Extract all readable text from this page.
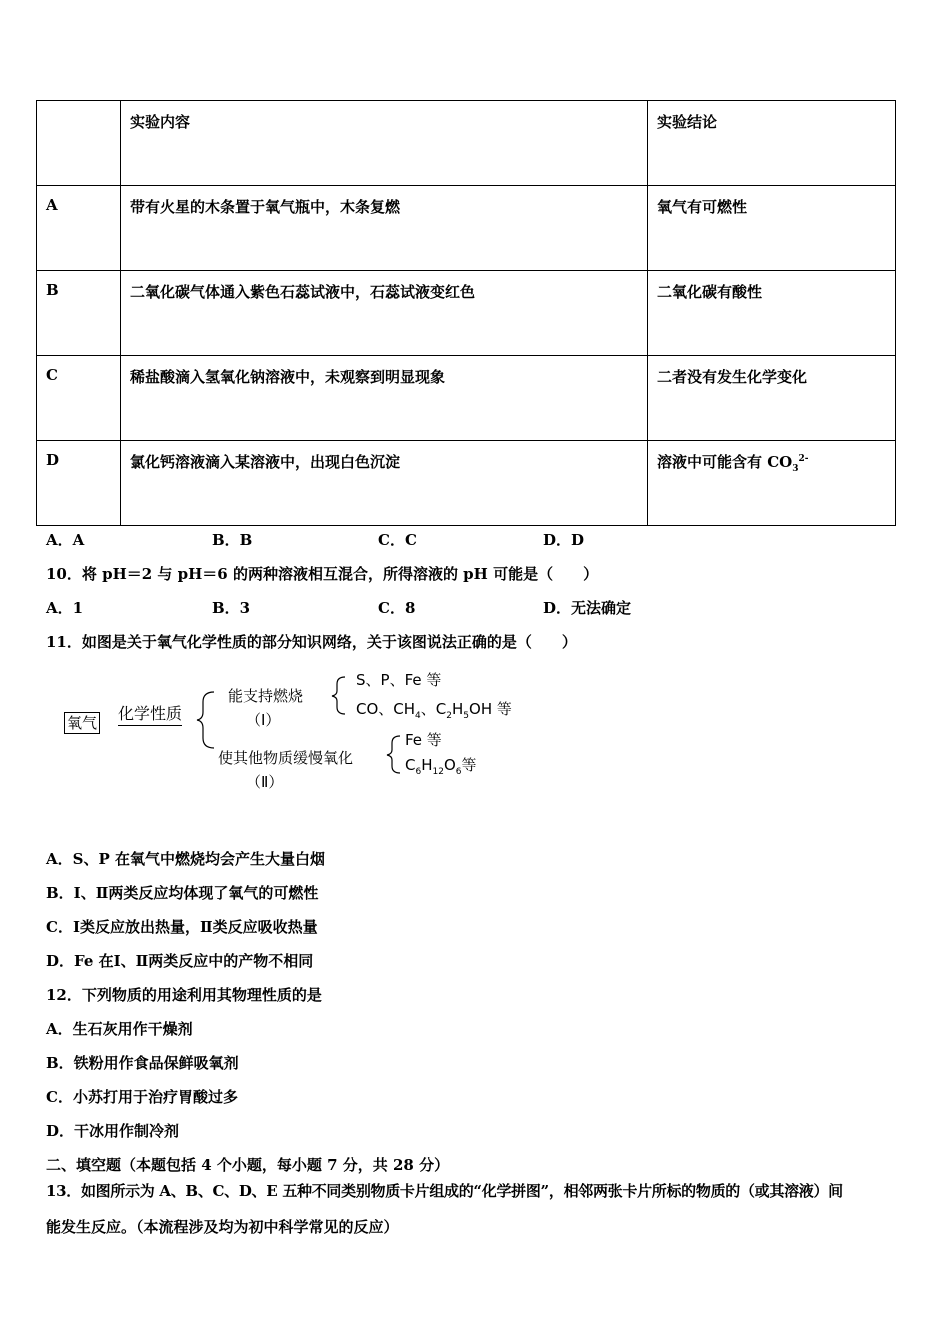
	实验内容	实验结论
A	带有火星的木条置于氧气瓶中，木条复燃	氧气有可燃性
B	二氧化碳气体通入紫色石蕊试液中，石蕊试液变红色	二氧化碳有酸性
C	稀盐酸滴入氢氧化钠溶液中，未观察到明显现象	二者没有发生化学变化
D	氯化钙溶液滴入某溶液中，出现白色沉淀	溶液中可能含有 $CO_3^{2-}$
A．A	B．B	C．C	D．D
10．将 pH＝2 与 pH＝6 的两种溶液相互混合，所得溶液的 pH 可能是（　　）
A．1	B．3	C．8	D．无法确定
11．如图是关于氧气化学性质的部分知识网络，关于该图说法正确的是（　　）
氧气 化学性质
能支持燃烧
（Ⅰ）
S、P、Fe 等
CO、$CH_4$、$C_2H_5OH$ 等
使其他物质缓慢氧化
（Ⅱ）
Fe 等
$C_6H_{12}O_6$等
A．S、P 在氧气中燃烧均会产生大量白烟
B．Ⅰ、Ⅱ两类反应均体现了氧气的可燃性
C．Ⅰ类反应放出热量，Ⅱ类反应吸收热量
D．Fe 在Ⅰ、Ⅱ两类反应中的产物不相同
12．下列物质的用途利用其物理性质的是
A．生石灰用作干燥剂
B．铁粉用作食品保鲜吸氧剂
C．小苏打用于治疗胃酸过多
D．干冰用作制冷剂
二、填空题（本题包括 4 个小题，每小题 7 分，共 28 分）
13．如图所示为 A、B、C、D、E 五种不同类别物质卡片组成的“化学拼图”，相邻两张卡片所标的物质的（或其溶液）间
能发生反应。（本流程涉及均为初中科学常见的反应）
